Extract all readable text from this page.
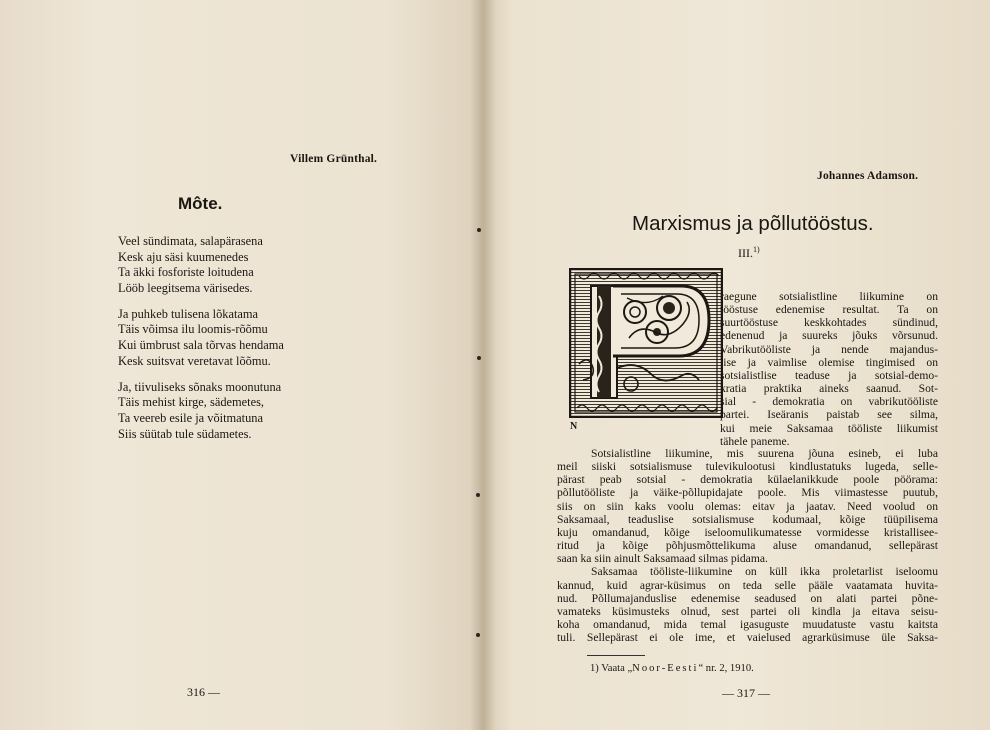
Villem Grünthal.
Môte.
Veel sündimata, salapärasena
Kesk aju säsi kuumenedes
Ta äkki fosforiste loitudena
Lööb leegitsema värisedes.
Ja puhkeb tulisena lõkatama
Täis võimsa ilu loomis-rõõmu
Kui ümbrust sala tõrvas hendama
Kesk suitsvat veretavat lõõmu.
Ja, tiivuliseks sõnaks moonutuna
Täis mehist kirge, sädemetes,
Ta veereb esile ja võitmatuna
Siis süütab tule südametes.
316 —
Johannes Adamson.
Marxismus ja põllutööstus.
III.$^{1)}$
N
raegune sotsialistline liikumine on
tööstuse edenemise resultat. Ta on
suurtööstuse keskkohtades sündinud,
edenenud ja suureks jõuks võrsunud.
Vabrikutööliste ja nende majandus-
lise ja vaimlise olemise tingimised on
sotsialistlise teaduse ja sotsial-demo-
kratia praktika aineks saanud. Sot-
sial - demokratia on vabrikutööliste
partei. Iseäranis paistab see silma,
kui meie Saksamaa tööliste liikumist
tähele paneme.
Sotsialistline liikumine, mis suurena jõuna esineb, ei luba
meil siiski sotsialismuse tulevikulootusi kindlustatuks lugeda, selle-
pärast peab sotsial - demokratia külaelanikkude poole pöörama:
põllutööliste ja väike-põllupidajate poole. Mis viimastesse puutub,
siis on siin kaks voolu olemas: eitav ja jaatav. Need voolud on
Saksamaal, teaduslise sotsialismuse kodumaal, kõige tüüpilisema
kuju omandanud, kõige iseloomulikumatesse vormidesse kristallisee-
ritud ja kõige põhjusmõttelikuma aluse omandanud, sellepärast
saan ka siin ainult Saksamaad silmas pidama.
Saksamaa tööliste-liikumine on küll ikka proletarlist iseloomu
kannud, kuid agrar-küsimus on teda selle pääle vaatamata huvita-
nud. Põllumajanduslise edenemise seadused on alati partei põne-
vamateks küsimusteks olnud, sest partei oli kindla ja eitava seisu-
koha omandanud, mida temal igasuguste muudatuste vastu kaitsta
tuli. Sellepärast ei ole ime, et vaielused agrarküsimuse üle Saksa-
1) Vaata „Noor-Eesti“ nr. 2, 1910.
— 317 —
